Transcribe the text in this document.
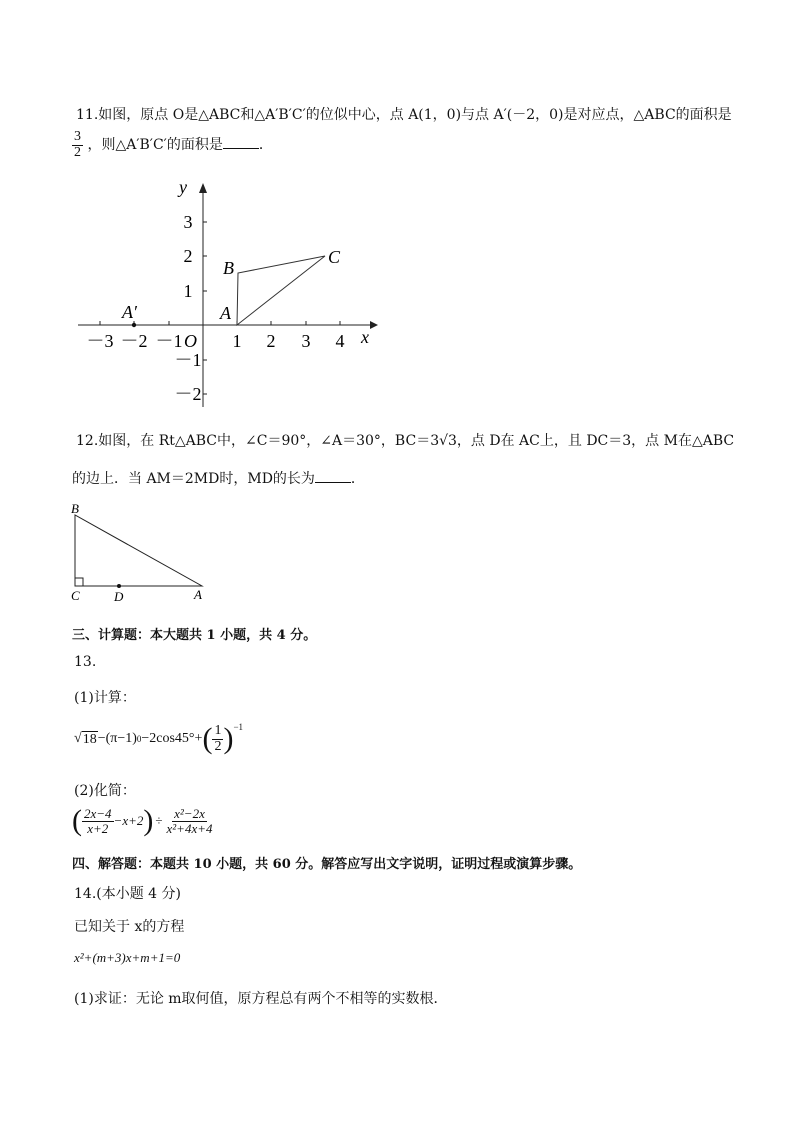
11.如图，原点 O是△ABC和△A′B′C′的位似中心，点 A(1，0)与点 A′(－2，0)是对应点，△ABC的面积是
$\frac{3}{2}$ ，则△A′B′C′的面积是	．
－3 －2 －1	1 2 3 4
3
2
1
－1
－2
x
y
O
A
B
C
A′
12.如图，在 Rt△ABC中，∠C＝90°，∠A＝30°，BC＝3√3，点 D在 AC上，且 DC＝3，点 M在△ABC
的边上．当 AM＝2MD时，MD的长为	．
B
C	D	A
三、计算题：本大题共 1 小题，共 4 分。
13.
(1)计算：
√ 18 −(π−1) 0 −2cos45°+ ( $\frac{1}{2} )^{-1}$
(2)化简：
( $\frac{2x-4}{x+2} -x+2$ ) ÷ $\frac{\text{x²−2x}}{\text{x²+4x+4}}$
四、解答题：本题共 10 小题，共 60 分。解答应写出文字说明，证明过程或演算步骤。
14.(本小题 4 分)
已知关于 x的方程
x²+(m+3)x+m+1=0
(1)求证：无论 m取何值，原方程总有两个不相等的实数根．
